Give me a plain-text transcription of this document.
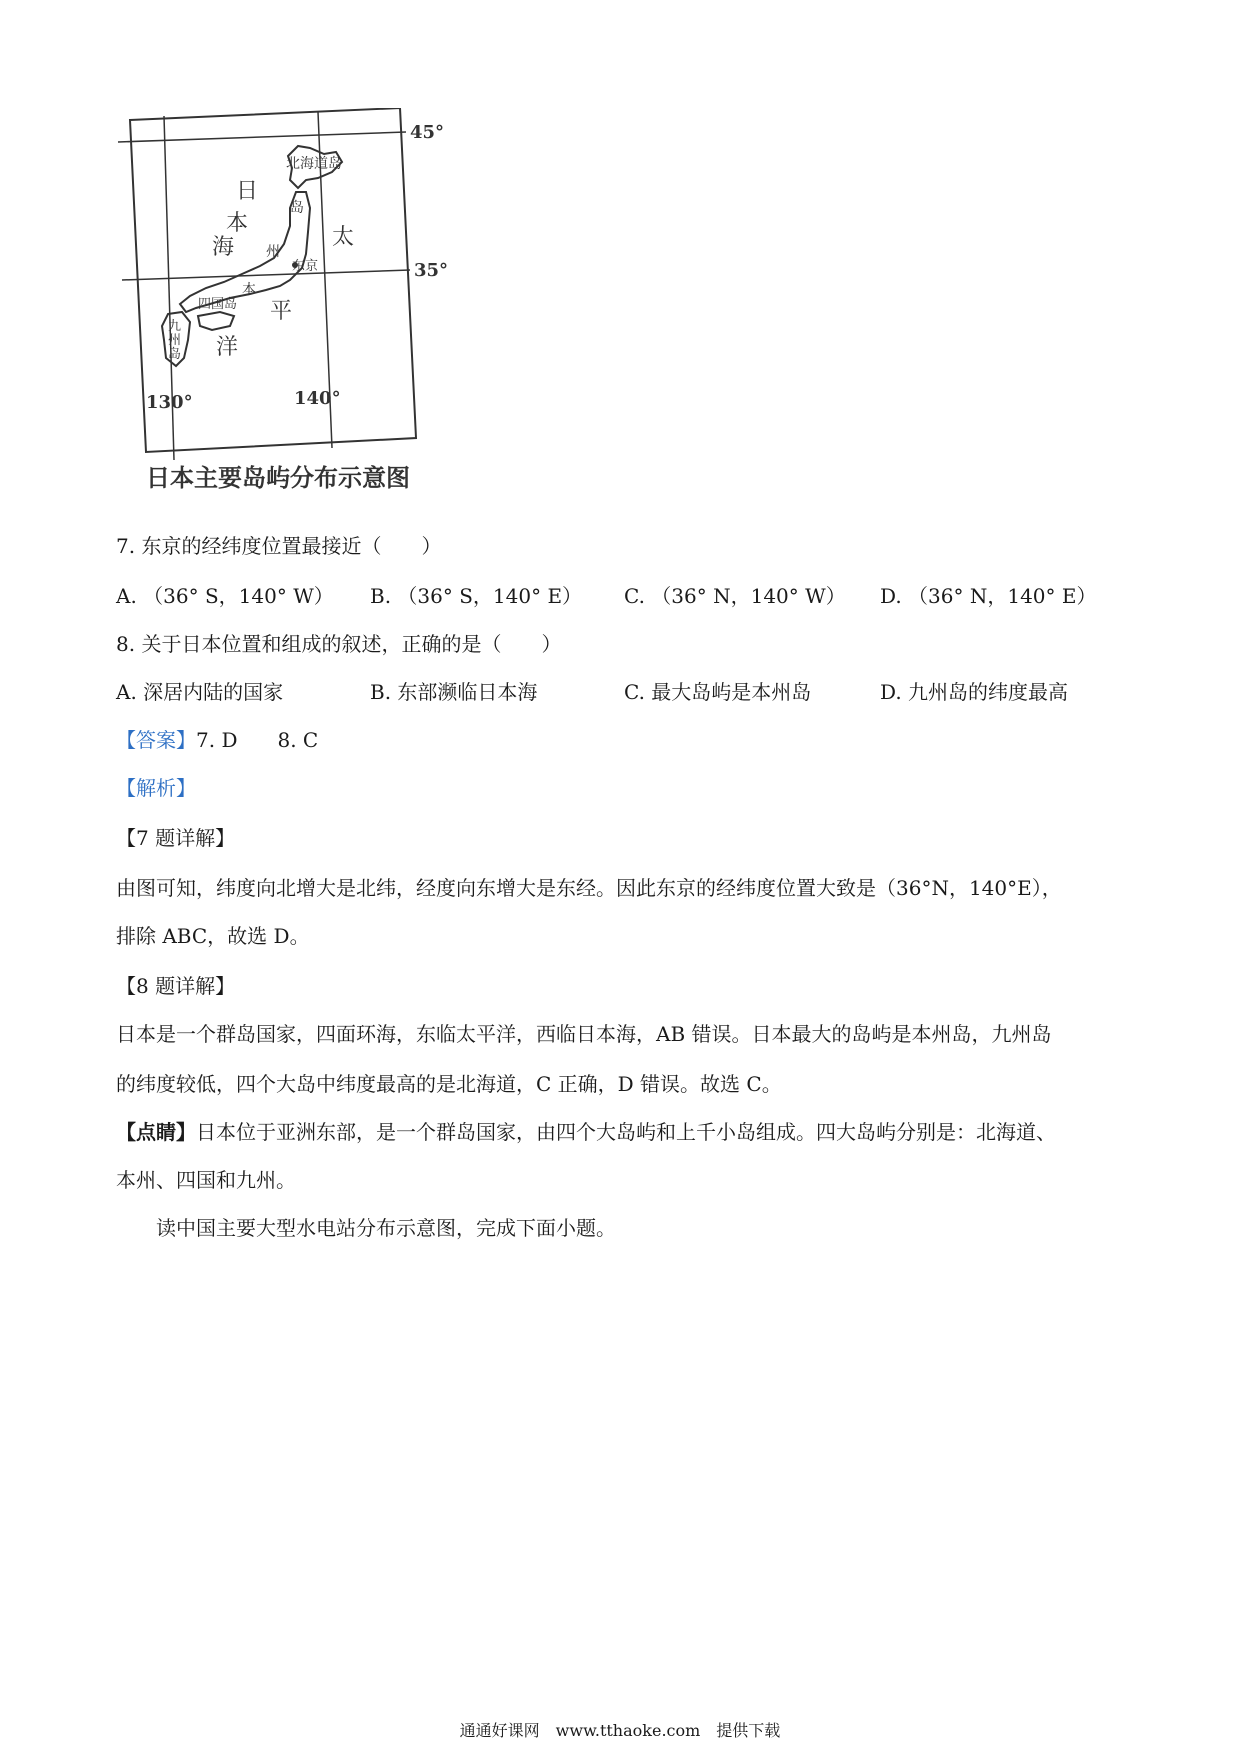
45°
35°
130°	140°
日
本
海	太
平
洋
北海道岛
本
州
岛
东京
四国岛
九
州
岛
日本主要岛屿分布示意图
7. 东京的经纬度位置最接近（　　）
A. （36° S，140° W） B. （36° S，140° E） C. （36° N，140° W） D. （36° N，140° E）
8. 关于日本位置和组成的叙述，正确的是（　　）
A. 深居内陆的国家	B. 东部濒临日本海	C. 最大岛屿是本州岛	D. 九州岛的纬度最高
【答案】7. D　　8. C
【解析】
【7 题详解】
由图可知，纬度向北增大是北纬，经度向东增大是东经。因此东京的经纬度位置大致是（36°N，140°E），
排除 ABC，故选 D。
【8 题详解】
日本是一个群岛国家，四面环海，东临太平洋，西临日本海，AB 错误。日本最大的岛屿是本州岛，九州岛
的纬度较低，四个大岛中纬度最高的是北海道，C 正确，D 错误。故选 C。
【点睛】日本位于亚洲东部，是一个群岛国家，由四个大岛屿和上千小岛组成。四大岛屿分别是：北海道、
本州、四国和九州。
读中国主要大型水电站分布示意图，完成下面小题。
通通好课网　www.tthaoke.com　提供下载
